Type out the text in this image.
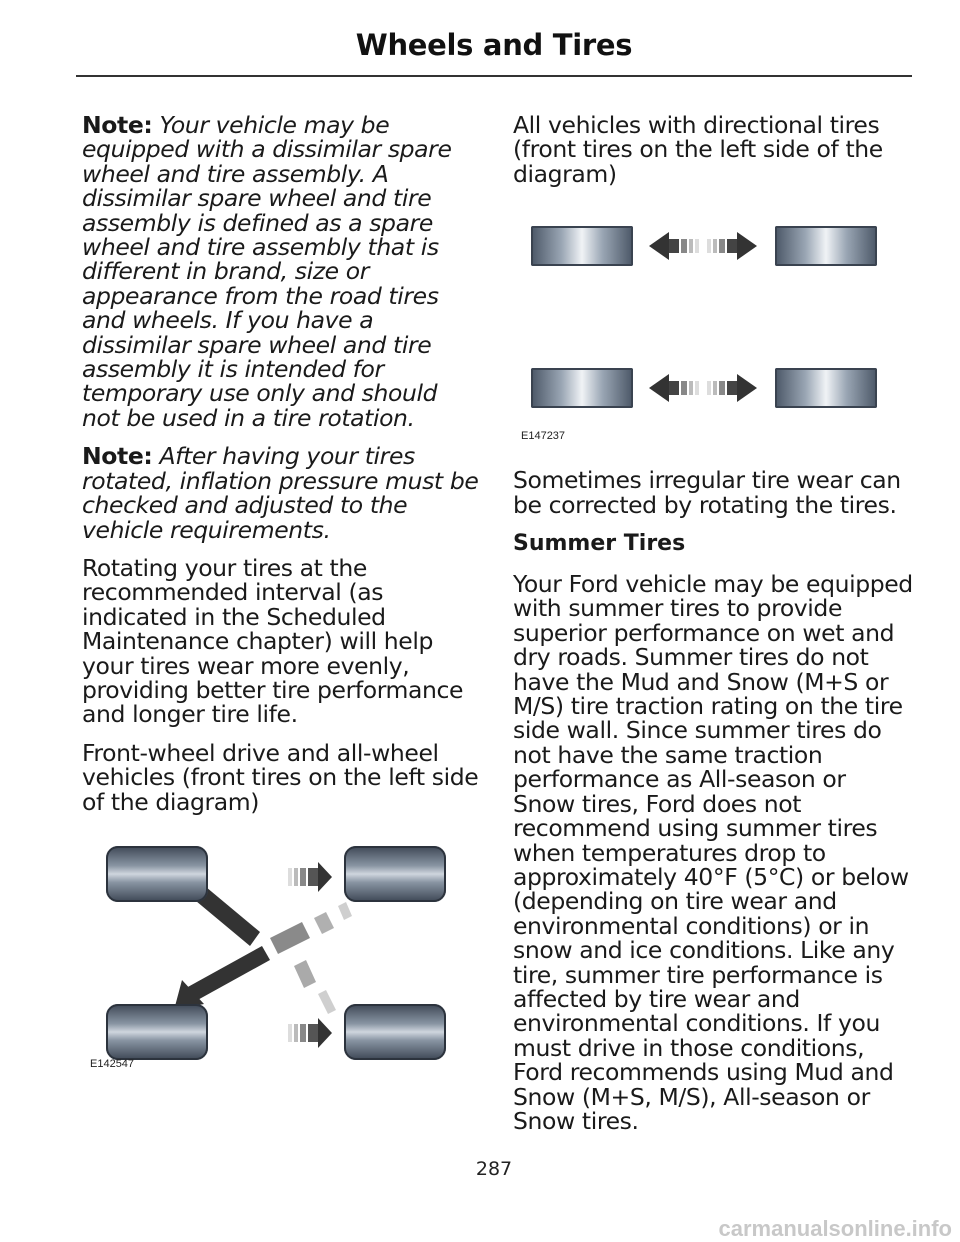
Wheels and Tires

Note: Your vehicle may be equipped with a dissimilar spare wheel and tire assembly. A dissimilar spare wheel and tire assembly is defined as a spare wheel and tire assembly that is different in brand, size or appearance from the road tires and wheels. If you have a dissimilar spare wheel and tire assembly it is intended for temporary use only and should not be used in a tire rotation.

Note: After having your tires rotated, inflation pressure must be checked and adjusted to the vehicle requirements.

Rotating your tires at the recommended interval (as indicated in the Scheduled Maintenance chapter) will help your tires wear more evenly, providing better tire performance and longer tire life.

Front-wheel drive and all-wheel vehicles (front tires on the left side of the diagram)

E142547

All vehicles with directional tires (front tires on the left side of the diagram)

E147237

Sometimes irregular tire wear can be corrected by rotating the tires.

Summer Tires

Your Ford vehicle may be equipped with summer tires to provide superior performance on wet and dry roads. Summer tires do not have the Mud and Snow (M+S or M/S) tire traction rating on the tire side wall. Since summer tires do not have the same traction performance as All-season or Snow tires, Ford does not recommend using summer tires when temperatures drop to approximately 40°F (5°C) or below (depending on tire wear and environmental conditions) or in snow and ice conditions. Like any tire, summer tire performance is affected by tire wear and environmental conditions. If you must drive in those conditions, Ford recommends using Mud and Snow (M+S, M/S), All-season or Snow tires.

287
carmanualsonline.info
